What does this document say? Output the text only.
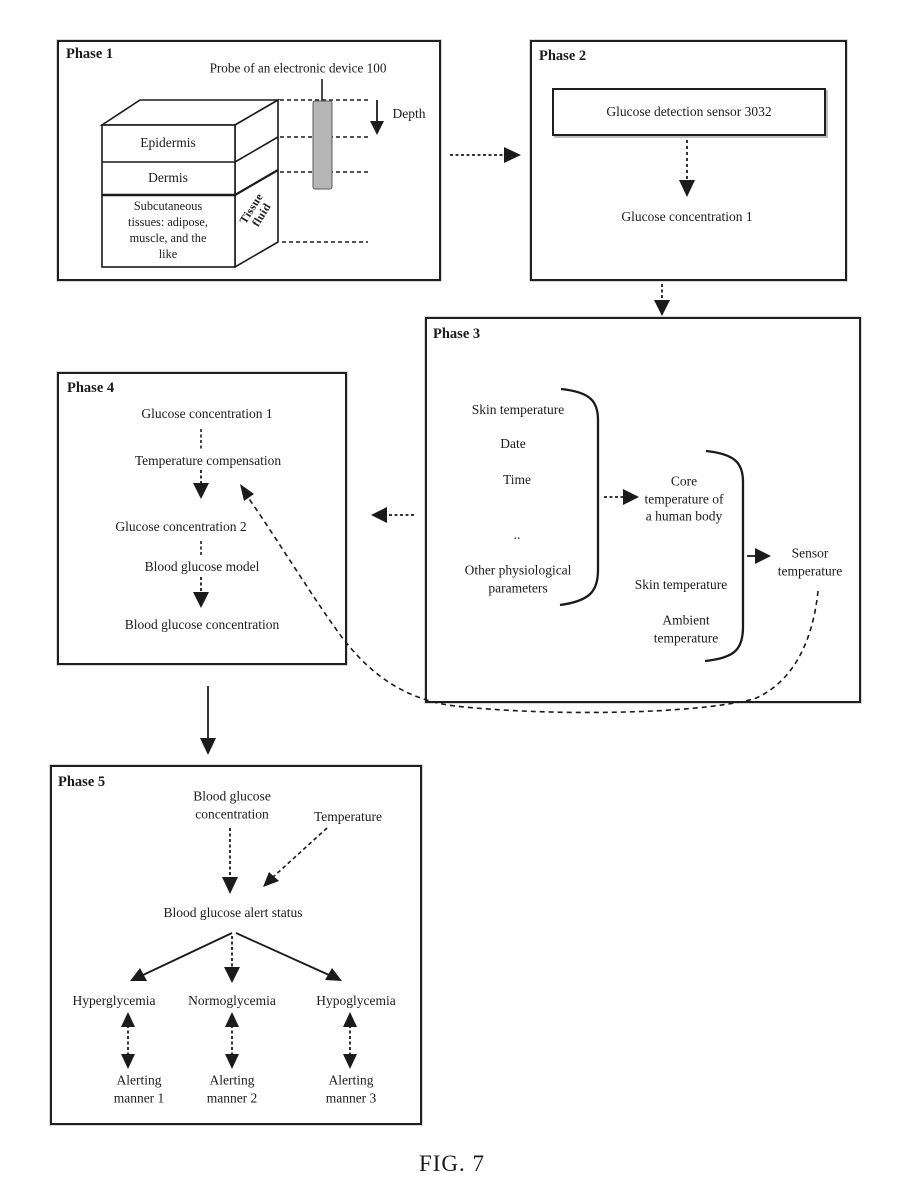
Phase 1	Phase 2
Phase 3
Phase 4
Phase 5
Probe of an electronic device 100
Epidermis
Dermis
Subcutaneous
tissues: adipose,
muscle, and the
like
Tissue
fluid
Depth	Glucose detection sensor 3032
Glucose concentration 1
Skin temperature
Date
Time
..
Other physiological
parameters
Core
temperature of
a human body
Skin temperature
Ambient
temperature
Sensor
temperature
Glucose concentration 1
Temperature compensation
Glucose concentration 2
Blood glucose model
Blood glucose concentration
Blood glucose
concentration	Temperature
Blood glucose alert status
Hyperglycemia Normoglycemia	Hypoglycemia
Alerting
manner 1
Alerting
manner 2
Alerting
manner 3
FIG. 7
